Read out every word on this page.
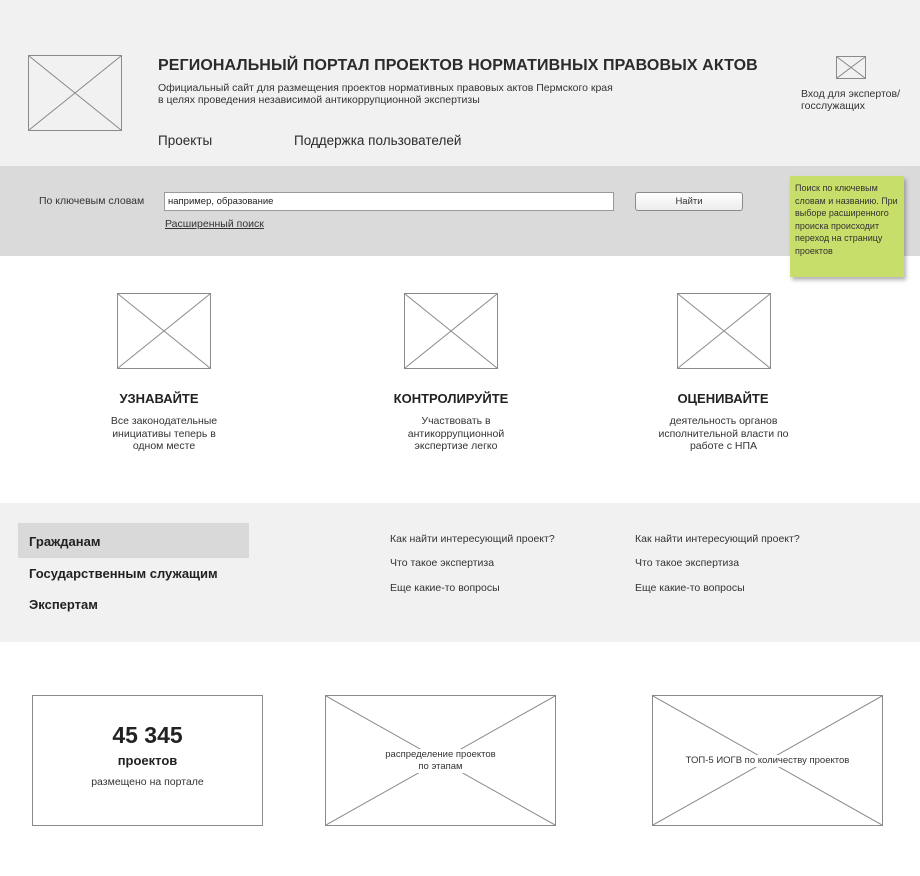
РЕГИОНАЛЬНЫЙ ПОРТАЛ ПРОЕКТОВ НОРМАТИВНЫХ ПРАВОВЫХ АКТОВ
Официальный сайт для размещения проектов нормативных правовых актов Пермского края
в целях проведения независимой антикоррупционной экспертизы
Проекты	Поддержка пользователей
Вход для экспертов/ госслужащих
По ключевым словам
например, образование	Найти
Расширенный поиск
Поиск по ключевым словам и названию. При выборе расширенного происка происходит переход на страницу проектов
УЗНАВАЙТЕ	КОНТРОЛИРУЙТЕ	ОЦЕНИВАЙТЕ
Все законодательные инициативы теперь в одном месте
Участвовать в антикоррупционной экспертизе легко
деятельность органов исполнительной власти по работе с НПА
Гражданам
Государственным служащим
Экспертам
Как найти интересующий проект?
Что такое экспертиза
Еще какие-то вопросы
Как найти интересующий проект?
Что такое экспертиза
Еще какие-то вопросы
45 345
проектов
размещено на портале
распределение проектов по этапам
ТОП-5 ИОГВ по количеству проектов
